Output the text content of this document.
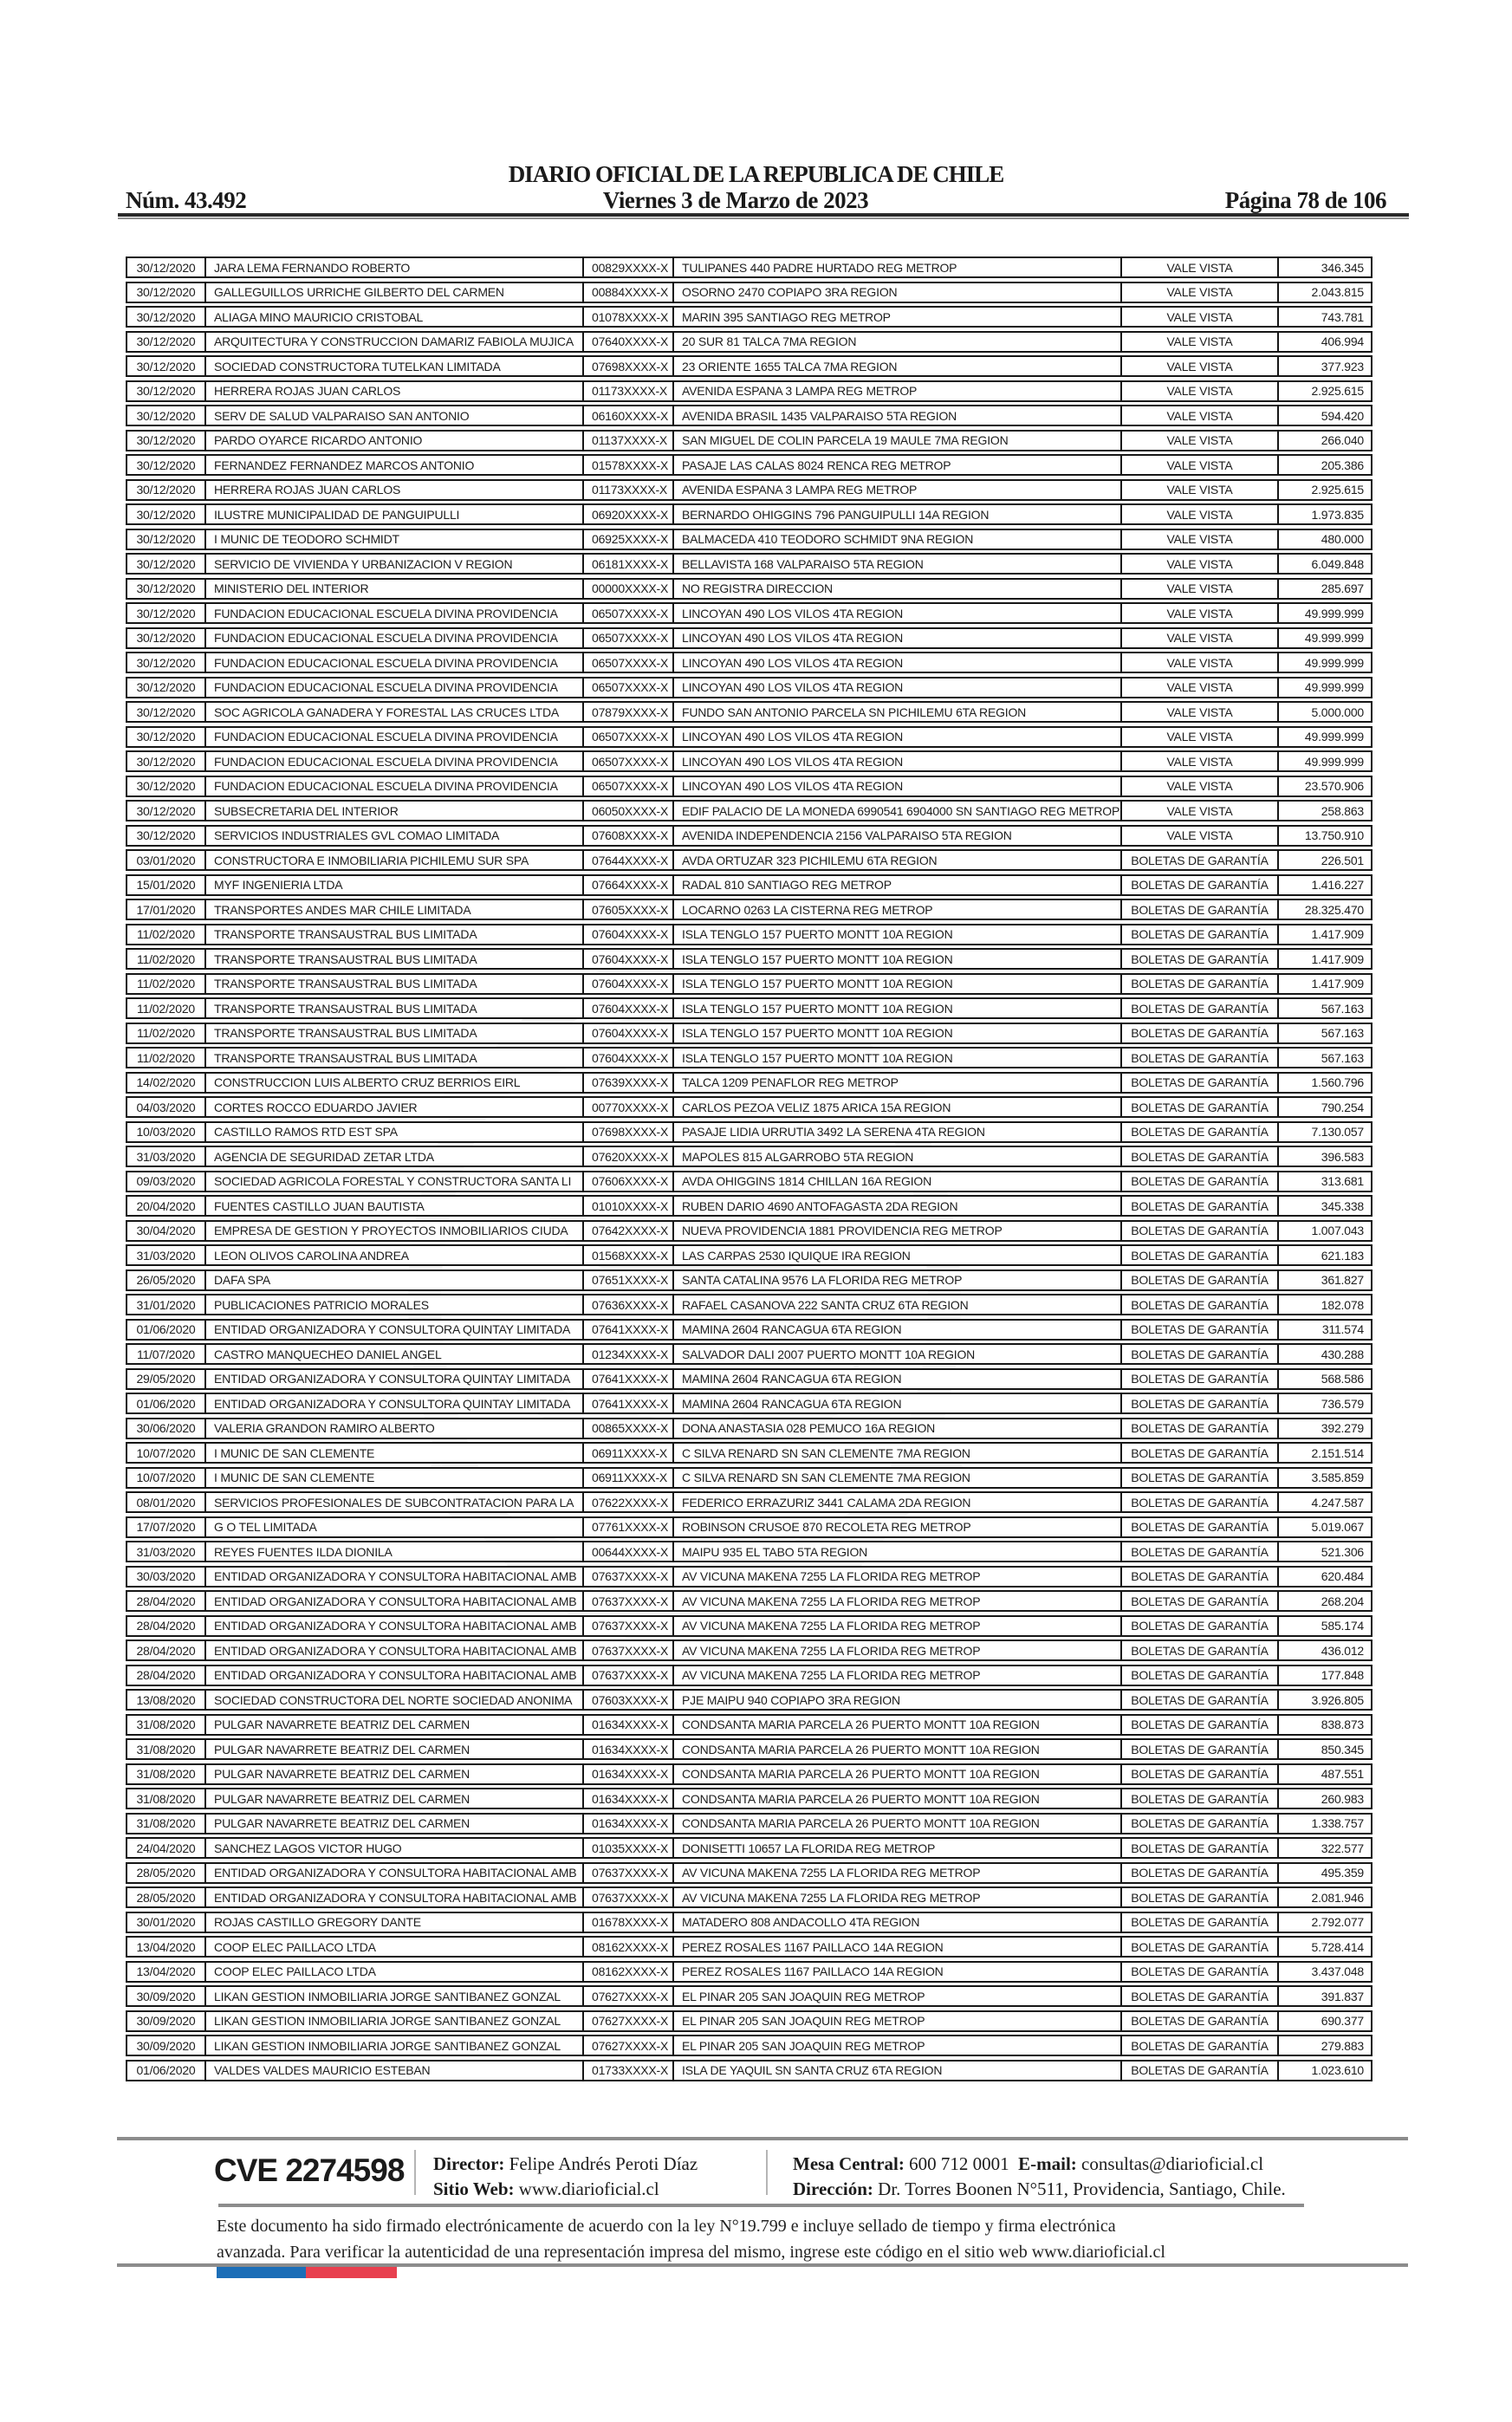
DIARIO OFICIAL DE LA REPUBLICA DE CHILE
Núm. 43.492	Viernes 3 de Marzo de 2023	Página 78 de 106
30/12/2020	JARA LEMA FERNANDO ROBERTO	00829XXXX-X	TULIPANES 440 PADRE HURTADO REG METROP	VALE VISTA	346.345
30/12/2020	GALLEGUILLOS URRICHE GILBERTO DEL CARMEN	00884XXXX-X	OSORNO 2470 COPIAPO 3RA REGION	VALE VISTA	2.043.815
30/12/2020	ALIAGA MINO MAURICIO CRISTOBAL	01078XXXX-X	MARIN 395 SANTIAGO REG METROP	VALE VISTA	743.781
30/12/2020	ARQUITECTURA Y CONSTRUCCION DAMARIZ FABIOLA MUJICA	07640XXXX-X	20 SUR 81 TALCA 7MA REGION	VALE VISTA	406.994
30/12/2020	SOCIEDAD CONSTRUCTORA TUTELKAN LIMITADA	07698XXXX-X	23 ORIENTE 1655 TALCA 7MA REGION	VALE VISTA	377.923
30/12/2020	HERRERA ROJAS JUAN CARLOS	01173XXXX-X	AVENIDA ESPANA 3 LAMPA REG METROP	VALE VISTA	2.925.615
30/12/2020	SERV DE SALUD VALPARAISO SAN ANTONIO	06160XXXX-X	AVENIDA BRASIL 1435 VALPARAISO 5TA REGION	VALE VISTA	594.420
30/12/2020	PARDO OYARCE RICARDO ANTONIO	01137XXXX-X	SAN MIGUEL DE COLIN PARCELA 19 MAULE 7MA REGION	VALE VISTA	266.040
30/12/2020	FERNANDEZ FERNANDEZ MARCOS ANTONIO	01578XXXX-X	PASAJE LAS CALAS 8024 RENCA REG METROP	VALE VISTA	205.386
30/12/2020	HERRERA ROJAS JUAN CARLOS	01173XXXX-X	AVENIDA ESPANA 3 LAMPA REG METROP	VALE VISTA	2.925.615
30/12/2020	ILUSTRE MUNICIPALIDAD DE PANGUIPULLI	06920XXXX-X	BERNARDO OHIGGINS 796 PANGUIPULLI 14A REGION	VALE VISTA	1.973.835
30/12/2020	I MUNIC DE TEODORO SCHMIDT	06925XXXX-X	BALMACEDA 410 TEODORO SCHMIDT 9NA REGION	VALE VISTA	480.000
30/12/2020	SERVICIO DE VIVIENDA Y URBANIZACION V REGION	06181XXXX-X	BELLAVISTA 168 VALPARAISO 5TA REGION	VALE VISTA	6.049.848
30/12/2020	MINISTERIO DEL INTERIOR	00000XXXX-X	NO REGISTRA DIRECCION	VALE VISTA	285.697
30/12/2020	FUNDACION EDUCACIONAL ESCUELA DIVINA PROVIDENCIA	06507XXXX-X	LINCOYAN 490 LOS VILOS 4TA REGION	VALE VISTA	49.999.999
30/12/2020	FUNDACION EDUCACIONAL ESCUELA DIVINA PROVIDENCIA	06507XXXX-X	LINCOYAN 490 LOS VILOS 4TA REGION	VALE VISTA	49.999.999
30/12/2020	FUNDACION EDUCACIONAL ESCUELA DIVINA PROVIDENCIA	06507XXXX-X	LINCOYAN 490 LOS VILOS 4TA REGION	VALE VISTA	49.999.999
30/12/2020	FUNDACION EDUCACIONAL ESCUELA DIVINA PROVIDENCIA	06507XXXX-X	LINCOYAN 490 LOS VILOS 4TA REGION	VALE VISTA	49.999.999
30/12/2020	SOC AGRICOLA GANADERA Y FORESTAL LAS CRUCES LTDA	07879XXXX-X	FUNDO SAN ANTONIO PARCELA SN PICHILEMU 6TA REGION	VALE VISTA	5.000.000
30/12/2020	FUNDACION EDUCACIONAL ESCUELA DIVINA PROVIDENCIA	06507XXXX-X	LINCOYAN 490 LOS VILOS 4TA REGION	VALE VISTA	49.999.999
30/12/2020	FUNDACION EDUCACIONAL ESCUELA DIVINA PROVIDENCIA	06507XXXX-X	LINCOYAN 490 LOS VILOS 4TA REGION	VALE VISTA	49.999.999
30/12/2020	FUNDACION EDUCACIONAL ESCUELA DIVINA PROVIDENCIA	06507XXXX-X	LINCOYAN 490 LOS VILOS 4TA REGION	VALE VISTA	23.570.906
30/12/2020	SUBSECRETARIA DEL INTERIOR	06050XXXX-X	EDIF PALACIO DE LA MONEDA 6990541 6904000 SN SANTIAGO REG METROP	VALE VISTA	258.863
30/12/2020	SERVICIOS INDUSTRIALES GVL COMAO LIMITADA	07608XXXX-X	AVENIDA INDEPENDENCIA 2156 VALPARAISO 5TA REGION	VALE VISTA	13.750.910
03/01/2020	CONSTRUCTORA E INMOBILIARIA PICHILEMU SUR SPA	07644XXXX-X	AVDA ORTUZAR 323 PICHILEMU 6TA REGION	BOLETAS DE GARANTÍA	226.501
15/01/2020	MYF INGENIERIA LTDA	07664XXXX-X	RADAL 810 SANTIAGO REG METROP	BOLETAS DE GARANTÍA	1.416.227
17/01/2020	TRANSPORTES ANDES MAR CHILE LIMITADA	07605XXXX-X	LOCARNO 0263 LA CISTERNA REG METROP	BOLETAS DE GARANTÍA	28.325.470
11/02/2020	TRANSPORTE TRANSAUSTRAL BUS LIMITADA	07604XXXX-X	ISLA TENGLO 157 PUERTO MONTT 10A REGION	BOLETAS DE GARANTÍA	1.417.909
11/02/2020	TRANSPORTE TRANSAUSTRAL BUS LIMITADA	07604XXXX-X	ISLA TENGLO 157 PUERTO MONTT 10A REGION	BOLETAS DE GARANTÍA	1.417.909
11/02/2020	TRANSPORTE TRANSAUSTRAL BUS LIMITADA	07604XXXX-X	ISLA TENGLO 157 PUERTO MONTT 10A REGION	BOLETAS DE GARANTÍA	1.417.909
11/02/2020	TRANSPORTE TRANSAUSTRAL BUS LIMITADA	07604XXXX-X	ISLA TENGLO 157 PUERTO MONTT 10A REGION	BOLETAS DE GARANTÍA	567.163
11/02/2020	TRANSPORTE TRANSAUSTRAL BUS LIMITADA	07604XXXX-X	ISLA TENGLO 157 PUERTO MONTT 10A REGION	BOLETAS DE GARANTÍA	567.163
11/02/2020	TRANSPORTE TRANSAUSTRAL BUS LIMITADA	07604XXXX-X	ISLA TENGLO 157 PUERTO MONTT 10A REGION	BOLETAS DE GARANTÍA	567.163
14/02/2020	CONSTRUCCION LUIS ALBERTO CRUZ BERRIOS EIRL	07639XXXX-X	TALCA 1209 PENAFLOR REG METROP	BOLETAS DE GARANTÍA	1.560.796
04/03/2020	CORTES ROCCO EDUARDO JAVIER	00770XXXX-X	CARLOS PEZOA VELIZ 1875 ARICA 15A REGION	BOLETAS DE GARANTÍA	790.254
10/03/2020	CASTILLO RAMOS RTD EST SPA	07698XXXX-X	PASAJE LIDIA URRUTIA 3492 LA SERENA 4TA REGION	BOLETAS DE GARANTÍA	7.130.057
31/03/2020	AGENCIA DE SEGURIDAD ZETAR LTDA	07620XXXX-X	MAPOLES 815 ALGARROBO 5TA REGION	BOLETAS DE GARANTÍA	396.583
09/03/2020	SOCIEDAD AGRICOLA FORESTAL Y CONSTRUCTORA SANTA LI	07606XXXX-X	AVDA OHIGGINS 1814 CHILLAN 16A REGION	BOLETAS DE GARANTÍA	313.681
20/04/2020	FUENTES CASTILLO JUAN BAUTISTA	01010XXXX-X	RUBEN DARIO 4690 ANTOFAGASTA 2DA REGION	BOLETAS DE GARANTÍA	345.338
30/04/2020	EMPRESA DE GESTION Y PROYECTOS INMOBILIARIOS CIUDA	07642XXXX-X	NUEVA PROVIDENCIA 1881 PROVIDENCIA REG METROP	BOLETAS DE GARANTÍA	1.007.043
31/03/2020	LEON OLIVOS CAROLINA ANDREA	01568XXXX-X	LAS CARPAS 2530 IQUIQUE IRA REGION	BOLETAS DE GARANTÍA	621.183
26/05/2020	DAFA SPA	07651XXXX-X	SANTA CATALINA 9576 LA FLORIDA REG METROP	BOLETAS DE GARANTÍA	361.827
31/01/2020	PUBLICACIONES PATRICIO MORALES	07636XXXX-X	RAFAEL CASANOVA 222 SANTA CRUZ 6TA REGION	BOLETAS DE GARANTÍA	182.078
01/06/2020	ENTIDAD ORGANIZADORA Y CONSULTORA QUINTAY LIMITADA	07641XXXX-X	MAMINA 2604 RANCAGUA 6TA REGION	BOLETAS DE GARANTÍA	311.574
11/07/2020	CASTRO MANQUECHEO DANIEL ANGEL	01234XXXX-X	SALVADOR DALI 2007 PUERTO MONTT 10A REGION	BOLETAS DE GARANTÍA	430.288
29/05/2020	ENTIDAD ORGANIZADORA Y CONSULTORA QUINTAY LIMITADA	07641XXXX-X	MAMINA 2604 RANCAGUA 6TA REGION	BOLETAS DE GARANTÍA	568.586
01/06/2020	ENTIDAD ORGANIZADORA Y CONSULTORA QUINTAY LIMITADA	07641XXXX-X	MAMINA 2604 RANCAGUA 6TA REGION	BOLETAS DE GARANTÍA	736.579
30/06/2020	VALERIA GRANDON RAMIRO ALBERTO	00865XXXX-X	DONA ANASTASIA 028 PEMUCO 16A REGION	BOLETAS DE GARANTÍA	392.279
10/07/2020	I MUNIC DE SAN CLEMENTE	06911XXXX-X	C SILVA RENARD SN SAN CLEMENTE 7MA REGION	BOLETAS DE GARANTÍA	2.151.514
10/07/2020	I MUNIC DE SAN CLEMENTE	06911XXXX-X	C SILVA RENARD SN SAN CLEMENTE 7MA REGION	BOLETAS DE GARANTÍA	3.585.859
08/01/2020	SERVICIOS PROFESIONALES DE SUBCONTRATACION PARA LA	07622XXXX-X	FEDERICO ERRAZURIZ 3441 CALAMA 2DA REGION	BOLETAS DE GARANTÍA	4.247.587
17/07/2020	G O TEL LIMITADA	07761XXXX-X	ROBINSON CRUSOE 870 RECOLETA REG METROP	BOLETAS DE GARANTÍA	5.019.067
31/03/2020	REYES FUENTES ILDA DIONILA	00644XXXX-X	MAIPU 935 EL TABO 5TA REGION	BOLETAS DE GARANTÍA	521.306
30/03/2020	ENTIDAD ORGANIZADORA Y CONSULTORA HABITACIONAL AMB	07637XXXX-X	AV VICUNA MAKENA 7255 LA FLORIDA REG METROP	BOLETAS DE GARANTÍA	620.484
28/04/2020	ENTIDAD ORGANIZADORA Y CONSULTORA HABITACIONAL AMB	07637XXXX-X	AV VICUNA MAKENA 7255 LA FLORIDA REG METROP	BOLETAS DE GARANTÍA	268.204
28/04/2020	ENTIDAD ORGANIZADORA Y CONSULTORA HABITACIONAL AMB	07637XXXX-X	AV VICUNA MAKENA 7255 LA FLORIDA REG METROP	BOLETAS DE GARANTÍA	585.174
28/04/2020	ENTIDAD ORGANIZADORA Y CONSULTORA HABITACIONAL AMB	07637XXXX-X	AV VICUNA MAKENA 7255 LA FLORIDA REG METROP	BOLETAS DE GARANTÍA	436.012
28/04/2020	ENTIDAD ORGANIZADORA Y CONSULTORA HABITACIONAL AMB	07637XXXX-X	AV VICUNA MAKENA 7255 LA FLORIDA REG METROP	BOLETAS DE GARANTÍA	177.848
13/08/2020	SOCIEDAD CONSTRUCTORA DEL NORTE SOCIEDAD ANONIMA	07603XXXX-X	PJE MAIPU 940 COPIAPO 3RA REGION	BOLETAS DE GARANTÍA	3.926.805
31/08/2020	PULGAR NAVARRETE BEATRIZ DEL CARMEN	01634XXXX-X	CONDSANTA MARIA PARCELA 26 PUERTO MONTT 10A REGION	BOLETAS DE GARANTÍA	838.873
31/08/2020	PULGAR NAVARRETE BEATRIZ DEL CARMEN	01634XXXX-X	CONDSANTA MARIA PARCELA 26 PUERTO MONTT 10A REGION	BOLETAS DE GARANTÍA	850.345
31/08/2020	PULGAR NAVARRETE BEATRIZ DEL CARMEN	01634XXXX-X	CONDSANTA MARIA PARCELA 26 PUERTO MONTT 10A REGION	BOLETAS DE GARANTÍA	487.551
31/08/2020	PULGAR NAVARRETE BEATRIZ DEL CARMEN	01634XXXX-X	CONDSANTA MARIA PARCELA 26 PUERTO MONTT 10A REGION	BOLETAS DE GARANTÍA	260.983
31/08/2020	PULGAR NAVARRETE BEATRIZ DEL CARMEN	01634XXXX-X	CONDSANTA MARIA PARCELA 26 PUERTO MONTT 10A REGION	BOLETAS DE GARANTÍA	1.338.757
24/04/2020	SANCHEZ LAGOS VICTOR HUGO	01035XXXX-X	DONISETTI 10657 LA FLORIDA REG METROP	BOLETAS DE GARANTÍA	322.577
28/05/2020	ENTIDAD ORGANIZADORA Y CONSULTORA HABITACIONAL AMB	07637XXXX-X	AV VICUNA MAKENA 7255 LA FLORIDA REG METROP	BOLETAS DE GARANTÍA	495.359
28/05/2020	ENTIDAD ORGANIZADORA Y CONSULTORA HABITACIONAL AMB	07637XXXX-X	AV VICUNA MAKENA 7255 LA FLORIDA REG METROP	BOLETAS DE GARANTÍA	2.081.946
30/01/2020	ROJAS CASTILLO GREGORY DANTE	01678XXXX-X	MATADERO 808 ANDACOLLO 4TA REGION	BOLETAS DE GARANTÍA	2.792.077
13/04/2020	COOP ELEC PAILLACO LTDA	08162XXXX-X	PEREZ ROSALES 1167 PAILLACO 14A REGION	BOLETAS DE GARANTÍA	5.728.414
13/04/2020	COOP ELEC PAILLACO LTDA	08162XXXX-X	PEREZ ROSALES 1167 PAILLACO 14A REGION	BOLETAS DE GARANTÍA	3.437.048
30/09/2020	LIKAN GESTION INMOBILIARIA JORGE SANTIBANEZ GONZAL	07627XXXX-X	EL PINAR 205 SAN JOAQUIN REG METROP	BOLETAS DE GARANTÍA	391.837
30/09/2020	LIKAN GESTION INMOBILIARIA JORGE SANTIBANEZ GONZAL	07627XXXX-X	EL PINAR 205 SAN JOAQUIN REG METROP	BOLETAS DE GARANTÍA	690.377
30/09/2020	LIKAN GESTION INMOBILIARIA JORGE SANTIBANEZ GONZAL	07627XXXX-X	EL PINAR 205 SAN JOAQUIN REG METROP	BOLETAS DE GARANTÍA	279.883
01/06/2020	VALDES VALDES MAURICIO ESTEBAN	01733XXXX-X	ISLA DE YAQUIL SN SANTA CRUZ 6TA REGION	BOLETAS DE GARANTÍA	1.023.610
CVE 2274598 Director: Felipe Andrés Peroti Díaz
Sitio Web: www.diarioficial.cl
Mesa Central: 600 712 0001 E-mail: consultas@diarioficial.cl
Dirección: Dr. Torres Boonen N°511, Providencia, Santiago, Chile.
Este documento ha sido firmado electrónicamente de acuerdo con la ley N°19.799 e incluye sellado de tiempo y firma electrónica
avanzada. Para verificar la autenticidad de una representación impresa del mismo, ingrese este código en el sitio web www.diarioficial.cl
